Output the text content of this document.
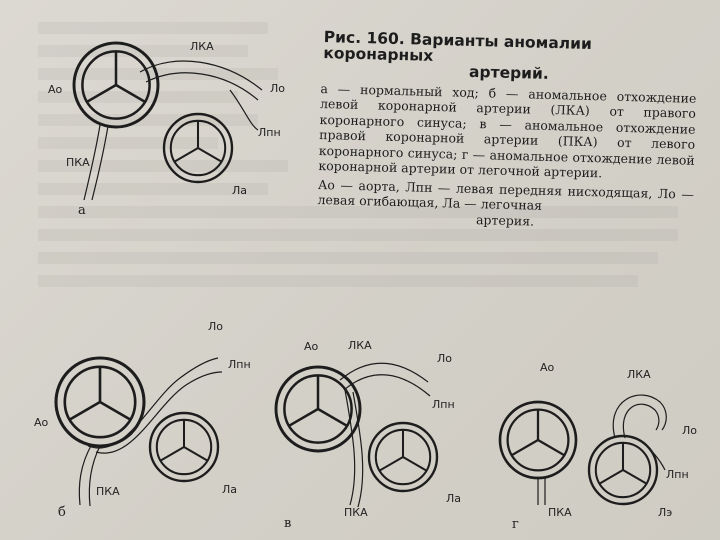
Ао
ЛКА
Ло
Лпн
ПКА
Ла
а
Ао
Ло
Лпн
ПКА	Ла
б
Ао	ЛКА
Ло
Лпн
ПКА
Ла
в
Ао
ЛКА
Ло
Лпн
ПКА	Лэ
г
Рис. 160. Варианты аномалии коронарных
артерий.

а — нормальный ход; б — аномальное отхождение левой коронарной артерии (ЛКА) от правого коронарного синуса; в — аномальное отхождение правой коронарной артерии (ПКА) от левого коронарного синуса; г — аномальное отхождение левой коронарной артерии от легочной артерии.

Ао — аорта, Лпн — левая передняя нисходящая, Ло — левая огибающая, Ла — легочная

артерия.
